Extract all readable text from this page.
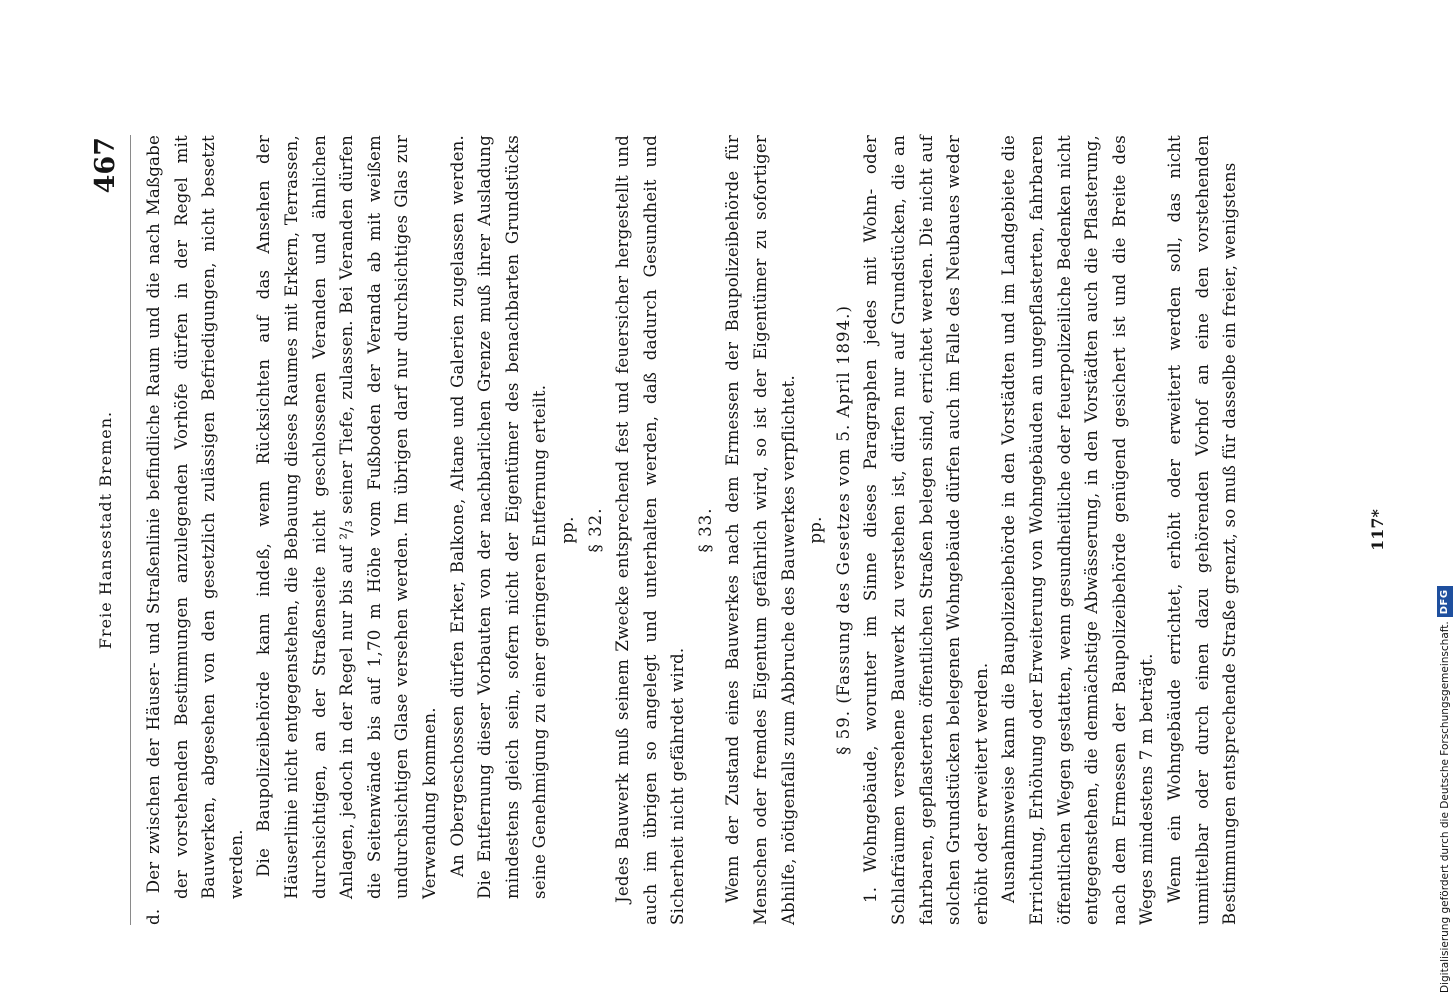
Freie Hansestadt Bremen.
467

d.  Der zwischen der Häuser- und Straßenlinie befindliche Raum und die nach Maßgabe der vorstehenden Bestimmungen anzulegenden Vorhöfe dürfen in der Regel mit Bauwerken, abgesehen von den gesetzlich zulässigen Befriedigungen, nicht besetzt werden. Die Baupolizeibehörde kann indeß, wenn Rücksichten auf das Ansehen der Häuserlinie nicht entgegenstehen, die Bebauung dieses Raumes mit Erkern, Terrassen, durchsichtigen, an der Straßenseite nicht geschlossenen Veranden und ähnlichen Anlagen, jedoch in der Regel nur bis auf ²/₃ seiner Tiefe, zulassen. Bei Veranden dürfen die Seitenwände bis auf 1,70 m Höhe vom Fußboden der Veranda ab mit weißem undurchsichtigen Glase versehen werden. Im übrigen darf nur durchsichtiges Glas zur Verwendung kommen. An Obergeschossen dürfen Erker, Balkone, Altane und Galerien zugelassen werden. Die Entfernung dieser Vorbauten von der nachbarlichen Grenze muß ihrer Ausladung mindestens gleich sein, sofern nicht der Eigentümer des benachbarten Grundstücks seine Genehmigung zu einer geringeren Entfernung erteilt. pp. § 32. Jedes Bauwerk muß seinem Zwecke entsprechend fest und feuersicher hergestellt und auch im übrigen so angelegt und unterhalten werden, daß dadurch Gesundheit und Sicherheit nicht gefährdet wird.

§ 33. Wenn der Zustand eines Bauwerkes nach dem Ermessen der Baupolizeibehörde für Menschen oder fremdes Eigentum gefährlich wird, so ist der Eigentümer zu sofortiger Abhilfe, nötigenfalls zum Abbruche des Bauwerkes verpflichtet. pp. § 59. (Fassung des Gesetzes vom 5. April 1894.) 1. Wohngebäude, worunter im Sinne dieses Paragraphen jedes mit Wohn- oder Schlafräumen versehene Bauwerk zu verstehen ist, dürfen nur auf Grundstücken, die an fahrbaren, gepflasterten öffentlichen Straßen belegen sind, errichtet werden. Die nicht auf solchen Grundstücken belegenen Wohngebäude dürfen auch im Falle des Neubaues weder erhöht oder erweitert werden. Ausnahmsweise kann die Baupolizeibehörde in den Vorstädten und im Landgebiete die Errichtung, Erhöhung oder Erweiterung von Wohngebäuden an ungepflasterten, fahrbaren öffentlichen Wegen gestatten, wenn gesundheitliche oder feuerpolizeiliche Bedenken nicht entgegenstehen, die demnächstige Abwässerung, in den Vorstädten auch die Pflasterung, nach dem Ermessen der Baupolizeibehörde genügend gesichert ist und die Breite des Weges mindestens 7 m beträgt. Wenn ein Wohngebäude errichtet, erhöht oder erweitert werden soll, das nicht unmittelbar oder durch einen dazu gehörenden Vorhof an eine den vorstehenden Bestimmungen entsprechende Straße grenzt, so muß für dasselbe ein freier, wenigstens	117*
Digitalisierung gefördert durch die Deutsche Forschungsgemeinschaft.
DFG
